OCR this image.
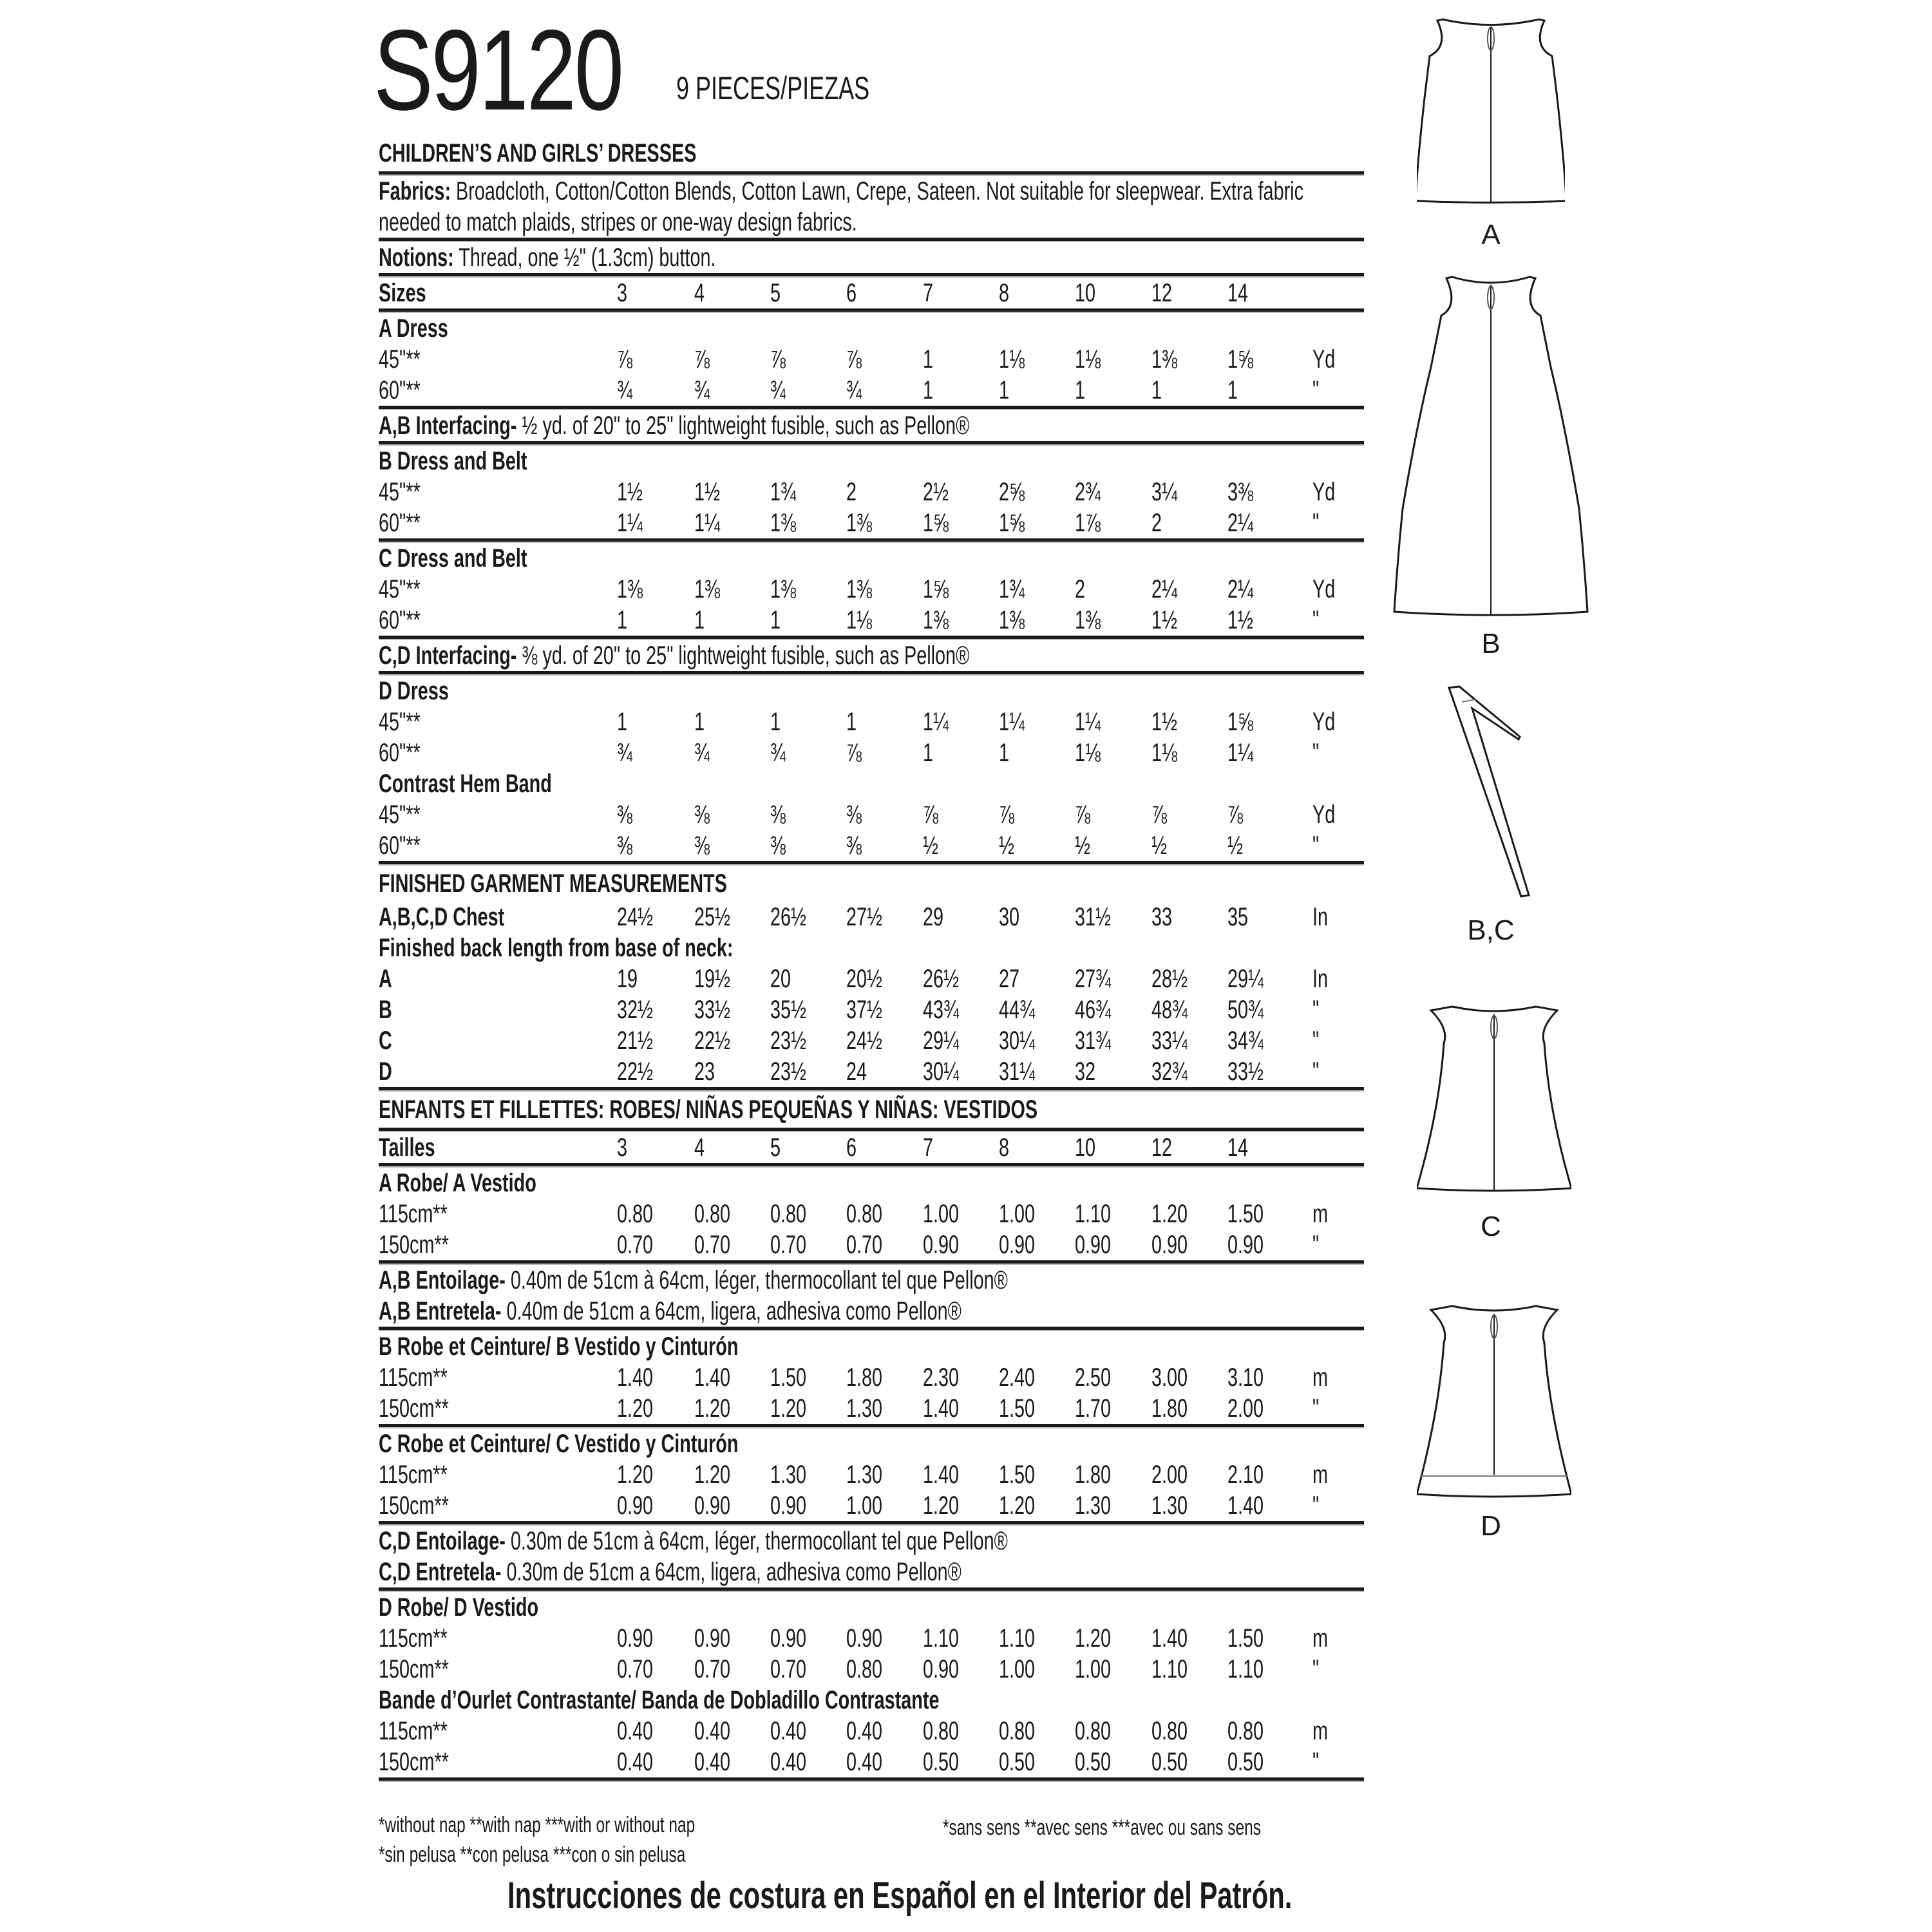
S9120 9 PIECES/PIEZAS
CHILDREN’S AND GIRLS’ DRESSES
Fabrics: Broadcloth, Cotton/Cotton Blends, Cotton Lawn, Crepe, Sateen. Not suitable for sleepwear. Extra fabric needed to match plaids, stripes or one-way design fabrics.
Notions: Thread, one ½" (1.3cm) button.
Sizes	3	4	5	6	7	8	10 12 14
A Dress
45"**	⅞ ⅞ ⅞ ⅞ 1	1⅛ 1⅛ 1⅜ 1⅝ Yd
60"**	¾ ¾ ¾ ¾ 1	1	1	1	1	"
A,B Interfacing- ½ yd. of 20" to 25" lightweight fusible, such as Pellon®
B Dress and Belt
45"**	1½ 1½ 1¾ 2	2½ 2⅝ 2¾ 3¼ 3⅜ Yd
60"**	1¼ 1¼ 1⅜ 1⅜ 1⅝ 1⅝ 1⅞ 2	2¼ "
C Dress and Belt
45"**	1⅜ 1⅜ 1⅜ 1⅜ 1⅝ 1¾ 2	2¼ 2¼ Yd
60"**	1	1	1	1⅛ 1⅜ 1⅜ 1⅜ 1½ 1½ "
C,D Interfacing- ⅜ yd. of 20" to 25" lightweight fusible, such as Pellon®
D Dress
45"**	1	1	1	1	1¼ 1¼ 1¼ 1½ 1⅝ Yd
60"**	¾ ¾ ¾ ⅞ 1	1	1⅛ 1⅛ 1¼ "
Contrast Hem Band
45"**	⅜ ⅜ ⅜ ⅜ ⅞ ⅞ ⅞ ⅞ ⅞	Yd
60"**	⅜ ⅜ ⅜ ⅜ ½ ½ ½ ½ ½	"
FINISHED GARMENT MEASUREMENTS
A,B,C,D Chest	24½ 25½ 26½ 27½ 29 30 31½ 33 35 In
Finished back length from base of neck:
A	19 19½ 20 20½ 26½ 27 27¾ 28½ 29¼ In
B	32½ 33½ 35½ 37½ 43¾ 44¾ 46¾ 48¾ 50¾ "
C	21½ 22½ 23½ 24½ 29¼ 30¼ 31¾ 33¼ 34¾ "
D	22½ 23 23½ 24 30¼ 31¼ 32 32¾ 33½ "
ENFANTS ET FILLETTES: ROBES/ NIÑAS PEQUEÑAS Y NIÑAS: VESTIDOS
Tailles	3	4	5	6	7	8	10 12 14
A Robe/ A Vestido
115cm**	0.80 0.80 0.80 0.80 1.00 1.00 1.10 1.20 1.50 m
150cm**	0.70 0.70 0.70 0.70 0.90 0.90 0.90 0.90 0.90 "
A,B Entoilage- 0.40m de 51cm à 64cm, léger, thermocollant tel que Pellon®
A,B Entretela- 0.40m de 51cm a 64cm, ligera, adhesiva como Pellon®
B Robe et Ceinture/ B Vestido y Cinturón
115cm**	1.40 1.40 1.50 1.80 2.30 2.40 2.50 3.00 3.10 m
150cm**	1.20 1.20 1.20 1.30 1.40 1.50 1.70 1.80 2.00 "
C Robe et Ceinture/ C Vestido y Cinturón
115cm**	1.20 1.20 1.30 1.30 1.40 1.50 1.80 2.00 2.10 m
150cm**	0.90 0.90 0.90 1.00 1.20 1.20 1.30 1.30 1.40 "
C,D Entoilage- 0.30m de 51cm à 64cm, léger, thermocollant tel que Pellon®
C,D Entretela- 0.30m de 51cm a 64cm, ligera, adhesiva como Pellon®
D Robe/ D Vestido
115cm**	0.90 0.90 0.90 0.90 1.10 1.10 1.20 1.40 1.50 m
150cm**	0.70 0.70 0.70 0.80 0.90 1.00 1.00 1.10 1.10 "
Bande d’Ourlet Contrastante/ Banda de Dobladillo Contrastante
115cm**	0.40 0.40 0.40 0.40 0.80 0.80 0.80 0.80 0.80 m
150cm**	0.40 0.40 0.40 0.40 0.50 0.50 0.50 0.50 0.50 "
*without nap **with nap ***with or without nap
*sin pelusa **con pelusa ***con o sin pelusa
*sans sens **avec sens ***avec ou sans sens
Instrucciones de costura en Español en el Interior del Patrón.
A
B
B,C
C
D
